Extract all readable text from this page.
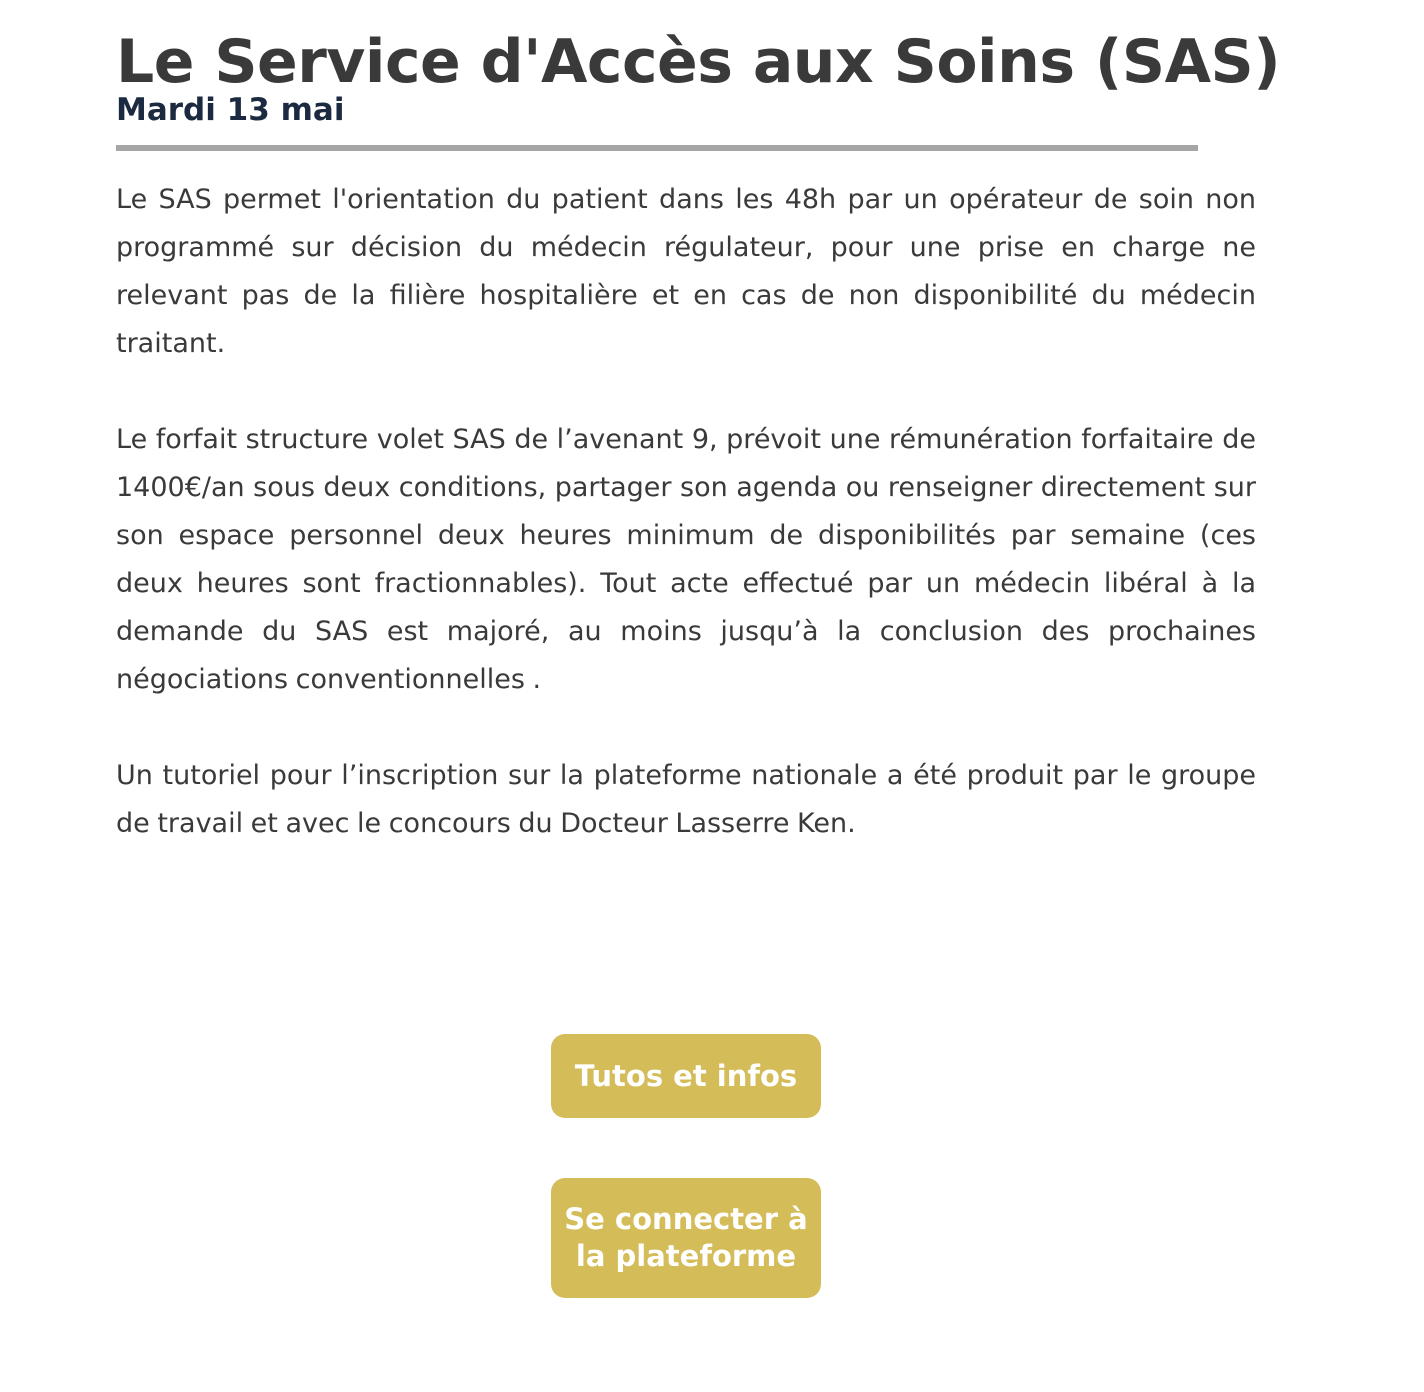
Le Service d'Accès aux Soins (SAS)
Mardi 13 mai

Le SAS permet l'orientation du patient dans les 48h par un opérateur de soin non programmé sur décision du médecin régulateur, pour une prise en charge ne relevant pas de la filière hospitalière et en cas de non disponibilité du médecin traitant.

Le forfait structure volet SAS de l’avenant 9, prévoit une rémunération forfaitaire de 1400€/an sous deux conditions, partager son agenda ou renseigner directement sur son espace personnel deux heures minimum de disponibilités par semaine (ces deux heures sont fractionnables). Tout acte effectué par un médecin libéral à la demande du SAS est majoré, au moins jusqu’à la conclusion des prochaines négociations conventionnelles .

Un tutoriel pour l’inscription sur la plateforme nationale a été produit par le groupe de travail et avec le concours du Docteur Lasserre Ken.

Tutos et infos
Se connecter à la plateforme
